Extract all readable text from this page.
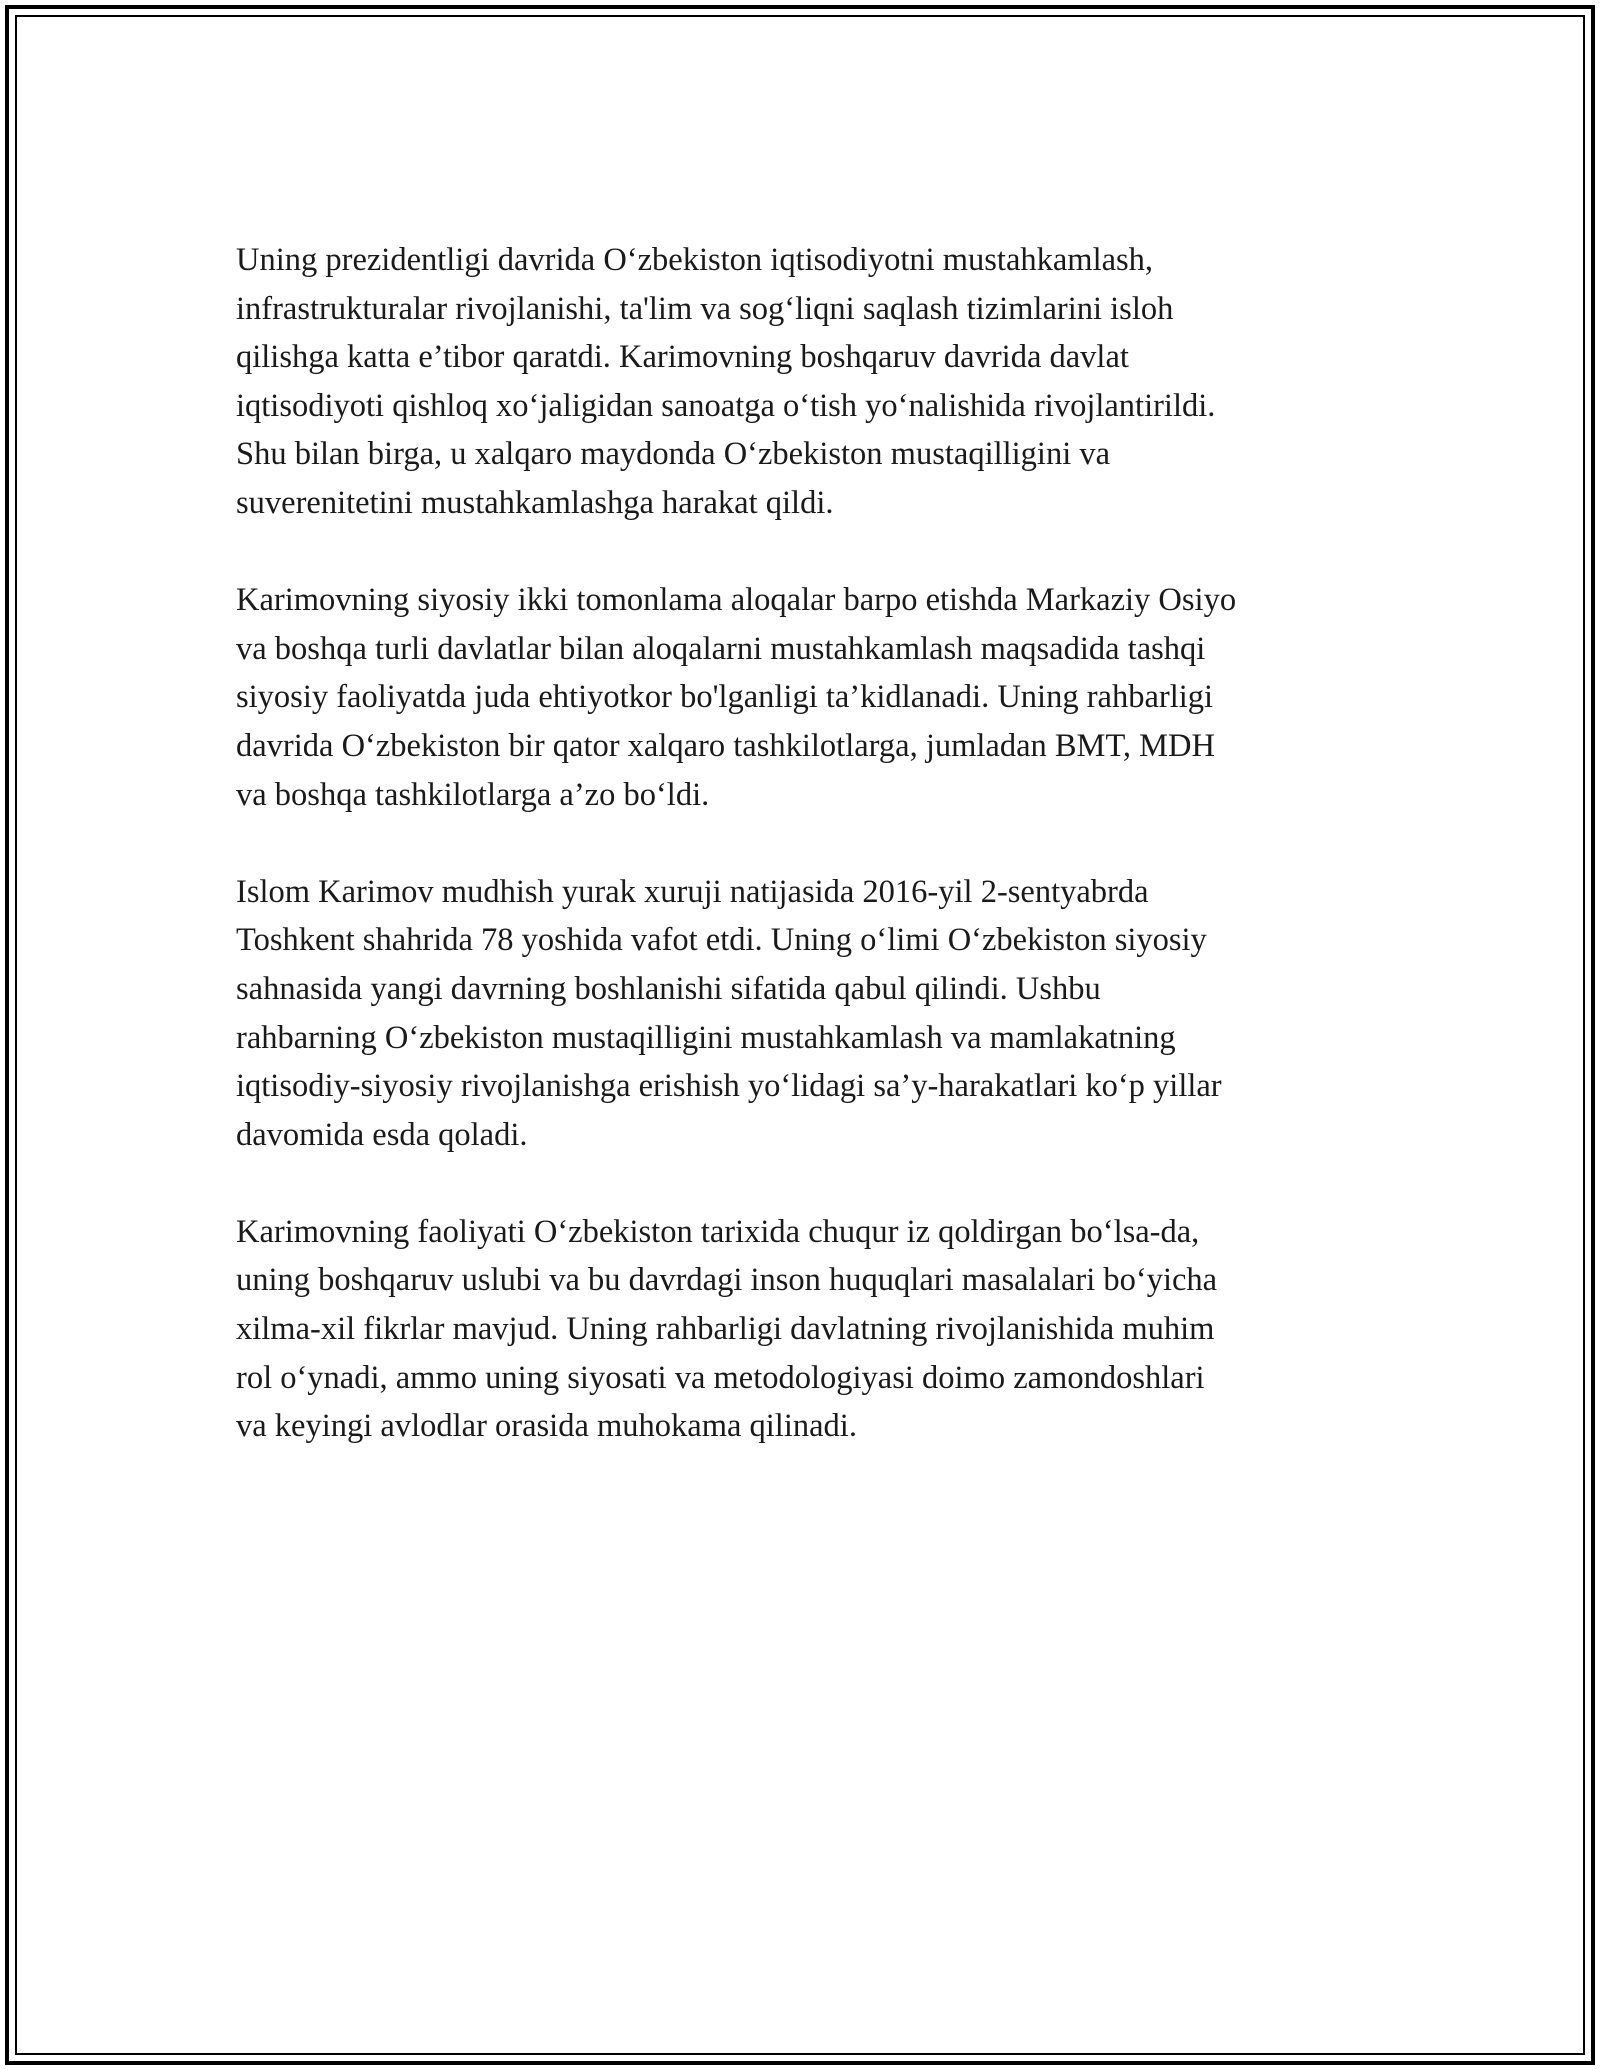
Uning prezidentligi davrida O‘zbekiston iqtisodiyotni mustahkamlash,
infrastrukturalar rivojlanishi, ta'lim va sog‘liqni saqlash tizimlarini isloh
qilishga katta e’tibor qaratdi. Karimovning boshqaruv davrida davlat
iqtisodiyoti qishloq xo‘jaligidan sanoatga o‘tish yo‘nalishida rivojlantirildi.
Shu bilan birga, u xalqaro maydonda O‘zbekiston mustaqilligini va
suverenitetini mustahkamlashga harakat qildi.

Karimovning siyosiy ikki tomonlama aloqalar barpo etishda Markaziy Osiyo
va boshqa turli davlatlar bilan aloqalarni mustahkamlash maqsadida tashqi
siyosiy faoliyatda juda ehtiyotkor bo'lganligi ta’kidlanadi. Uning rahbarligi
davrida O‘zbekiston bir qator xalqaro tashkilotlarga, jumladan BMT, MDH
va boshqa tashkilotlarga a’zo bo‘ldi.

Islom Karimov mudhish yurak xuruji natijasida 2016-yil 2-sentyabrda
Toshkent shahrida 78 yoshida vafot etdi. Uning o‘limi O‘zbekiston siyosiy
sahnasida yangi davrning boshlanishi sifatida qabul qilindi. Ushbu
rahbarning O‘zbekiston mustaqilligini mustahkamlash va mamlakatning
iqtisodiy-siyosiy rivojlanishga erishish yo‘lidagi sa’y-harakatlari ko‘p yillar
davomida esda qoladi.

Karimovning faoliyati O‘zbekiston tarixida chuqur iz qoldirgan bo‘lsa-da,
uning boshqaruv uslubi va bu davrdagi inson huquqlari masalalari bo‘yicha
xilma-xil fikrlar mavjud. Uning rahbarligi davlatning rivojlanishida muhim
rol o‘ynadi, ammo uning siyosati va metodologiyasi doimo zamondoshlari
va keyingi avlodlar orasida muhokama qilinadi.
